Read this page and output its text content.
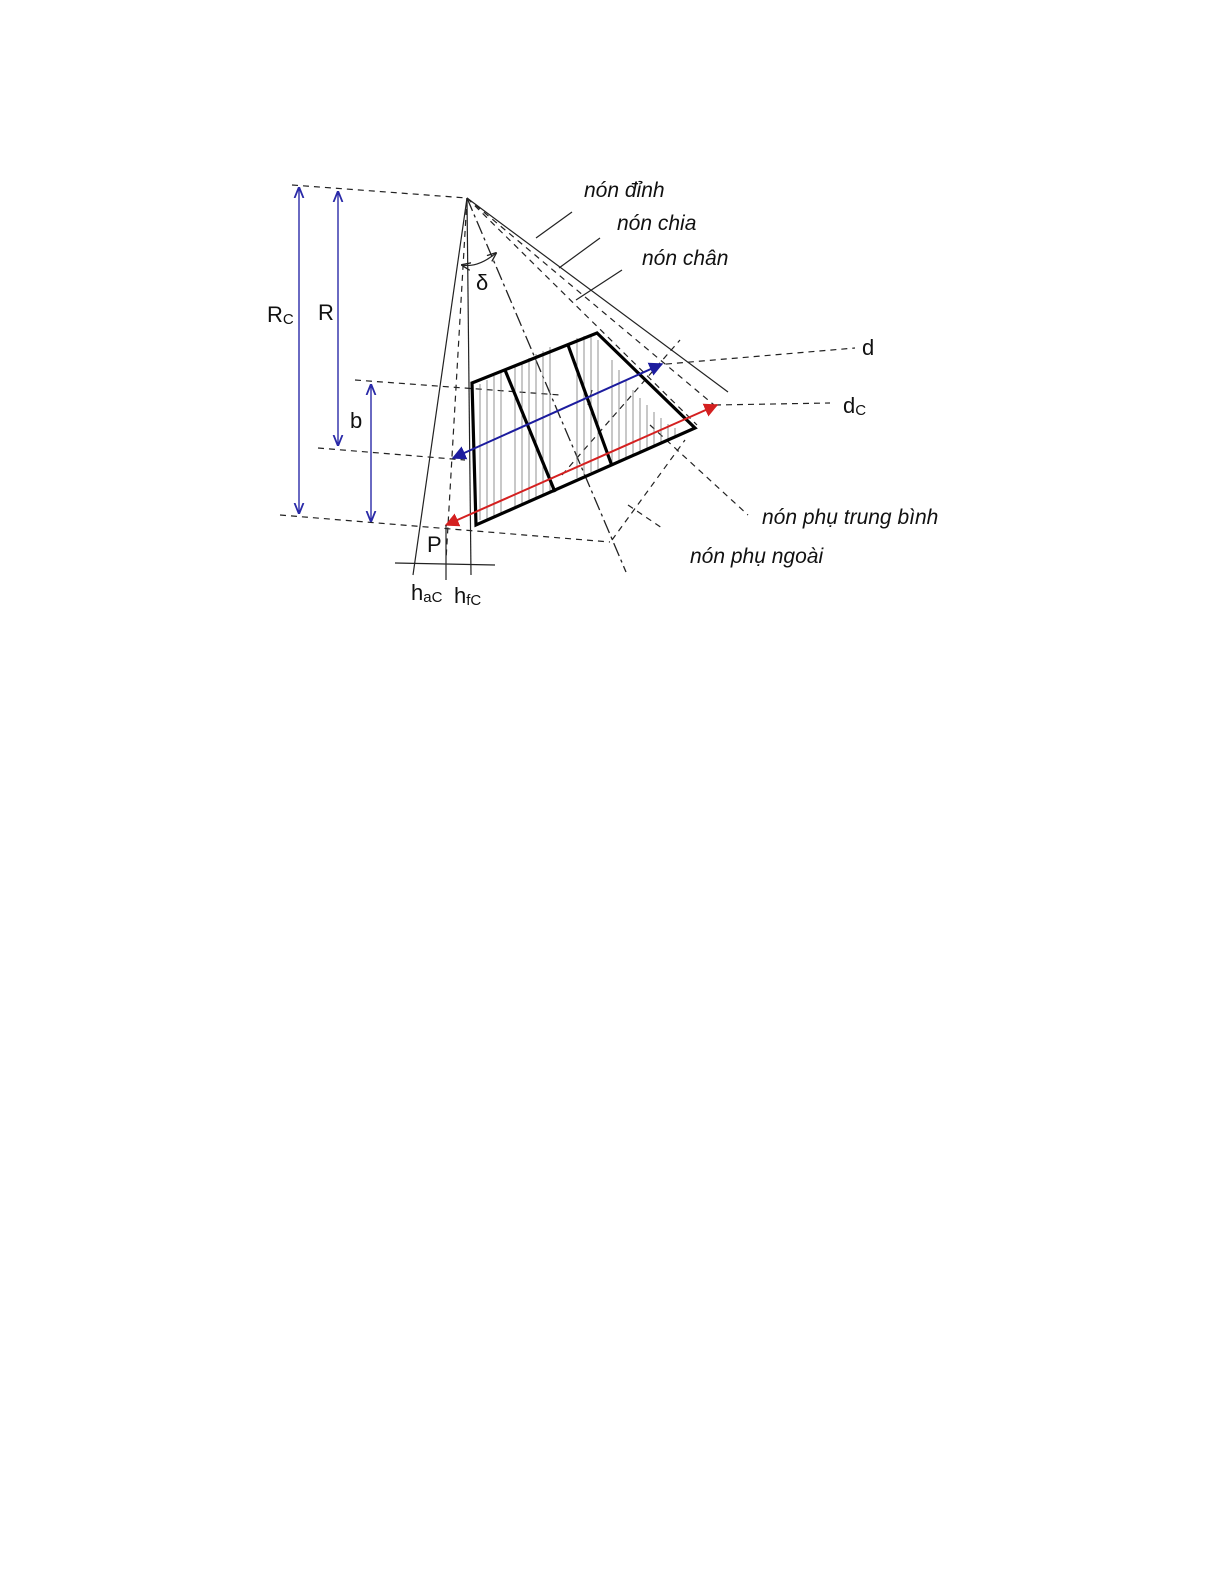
RC R
b
δ
P
haC hfC
d
dC
nón đỉnh
nón chia
nón chân
nón phụ trung bình
nón phụ ngoài
